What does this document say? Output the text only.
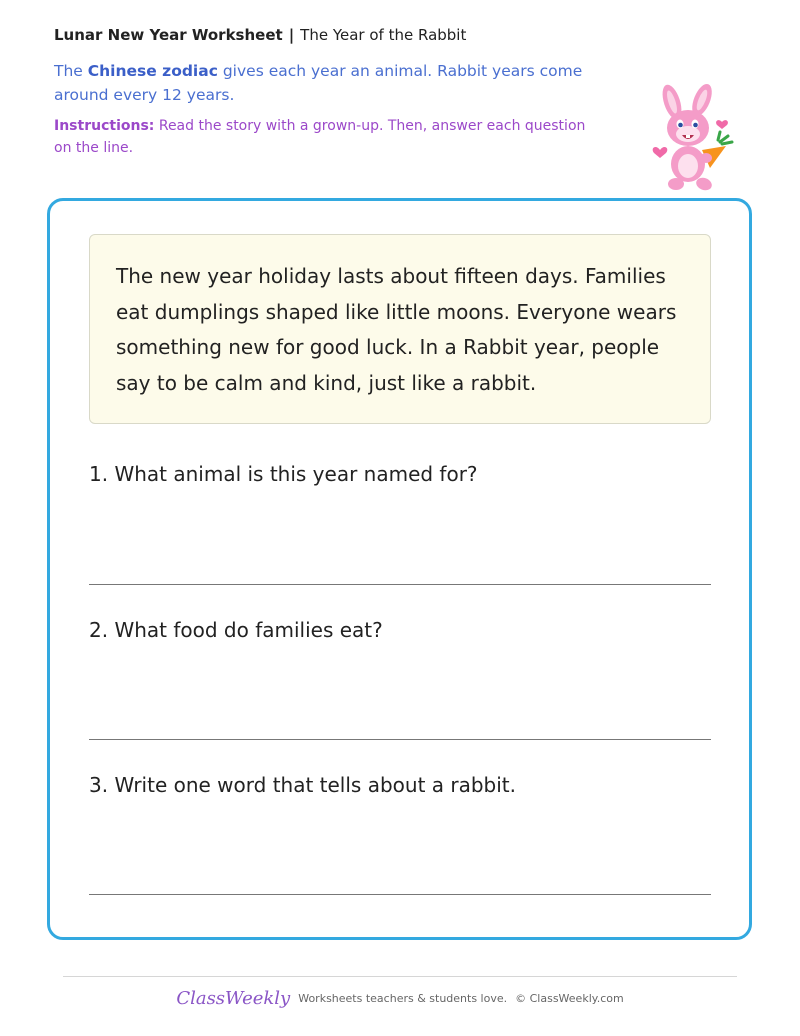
Lunar New Year Worksheet | The Year of the Rabbit
The Chinese zodiac gives each year an animal. Rabbit years come around every 12 years.
Instructions: Read the story with a grown-up. Then, answer each question on the line.
The new year holiday lasts about fifteen days. Families eat dumplings shaped like little moons. Everyone wears something new for good luck. In a Rabbit year, people say to be calm and kind, just like a rabbit.
1. What animal is this year named for?
2. What food do families eat?
3. Write one word that tells about a rabbit.
ClassWeekly Worksheets teachers & students love. © ClassWeekly.com
